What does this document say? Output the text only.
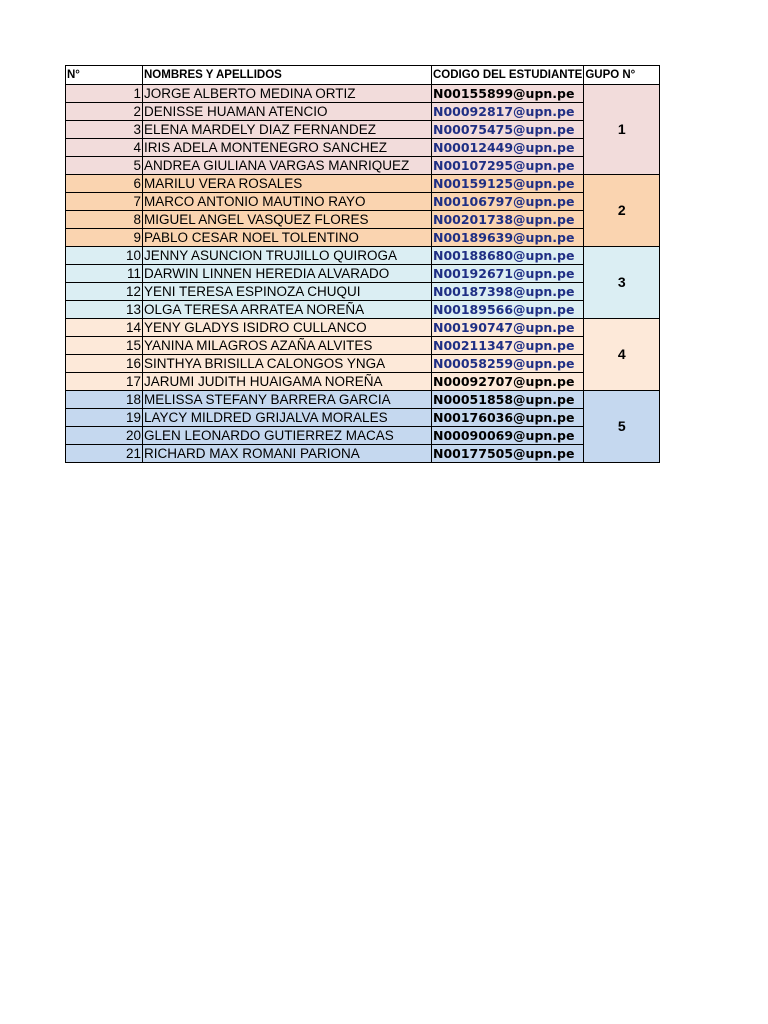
N°	NOMBRES Y APELLIDOS	CODIGO DEL ESTUDIANTE	GUPO N°
1	JORGE ALBERTO MEDINA ORTIZ	N00155899@upn.pe	1
2	DENISSE HUAMAN ATENCIO	N00092817@upn.pe	
3	ELENA MARDELY DIAZ FERNANDEZ	N00075475@upn.pe	
4	IRIS ADELA MONTENEGRO SANCHEZ	N00012449@upn.pe	
5	ANDREA GIULIANA VARGAS MANRIQUEZ	N00107295@upn.pe	
6	MARILU VERA ROSALES	N00159125@upn.pe	2
7	MARCO ANTONIO MAUTINO RAYO	N00106797@upn.pe	
8	MIGUEL ANGEL VASQUEZ FLORES	N00201738@upn.pe	
9	PABLO CESAR NOEL TOLENTINO	N00189639@upn.pe	
10	JENNY ASUNCION TRUJILLO QUIROGA	N00188680@upn.pe	3
11	DARWIN LINNEN HEREDIA ALVARADO	N00192671@upn.pe	
12	YENI TERESA ESPINOZA CHUQUI	N00187398@upn.pe	
13	OLGA TERESA ARRATEA NOREÑA	N00189566@upn.pe	
14	YENY GLADYS ISIDRO CULLANCO	N00190747@upn.pe	4
15	YANINA MILAGROS AZAÑA ALVITES	N00211347@upn.pe	
16	SINTHYA BRISILLA CALONGOS YNGA	N00058259@upn.pe	
17	JARUMI JUDITH HUAIGAMA NOREÑA	N00092707@upn.pe	
18	MELISSA STEFANY BARRERA GARCIA	N00051858@upn.pe	5
19	LAYCY MILDRED GRIJALVA MORALES	N00176036@upn.pe	
20	GLEN LEONARDO GUTIERREZ MACAS	N00090069@upn.pe	
21	RICHARD MAX ROMANI PARIONA	N00177505@upn.pe	
